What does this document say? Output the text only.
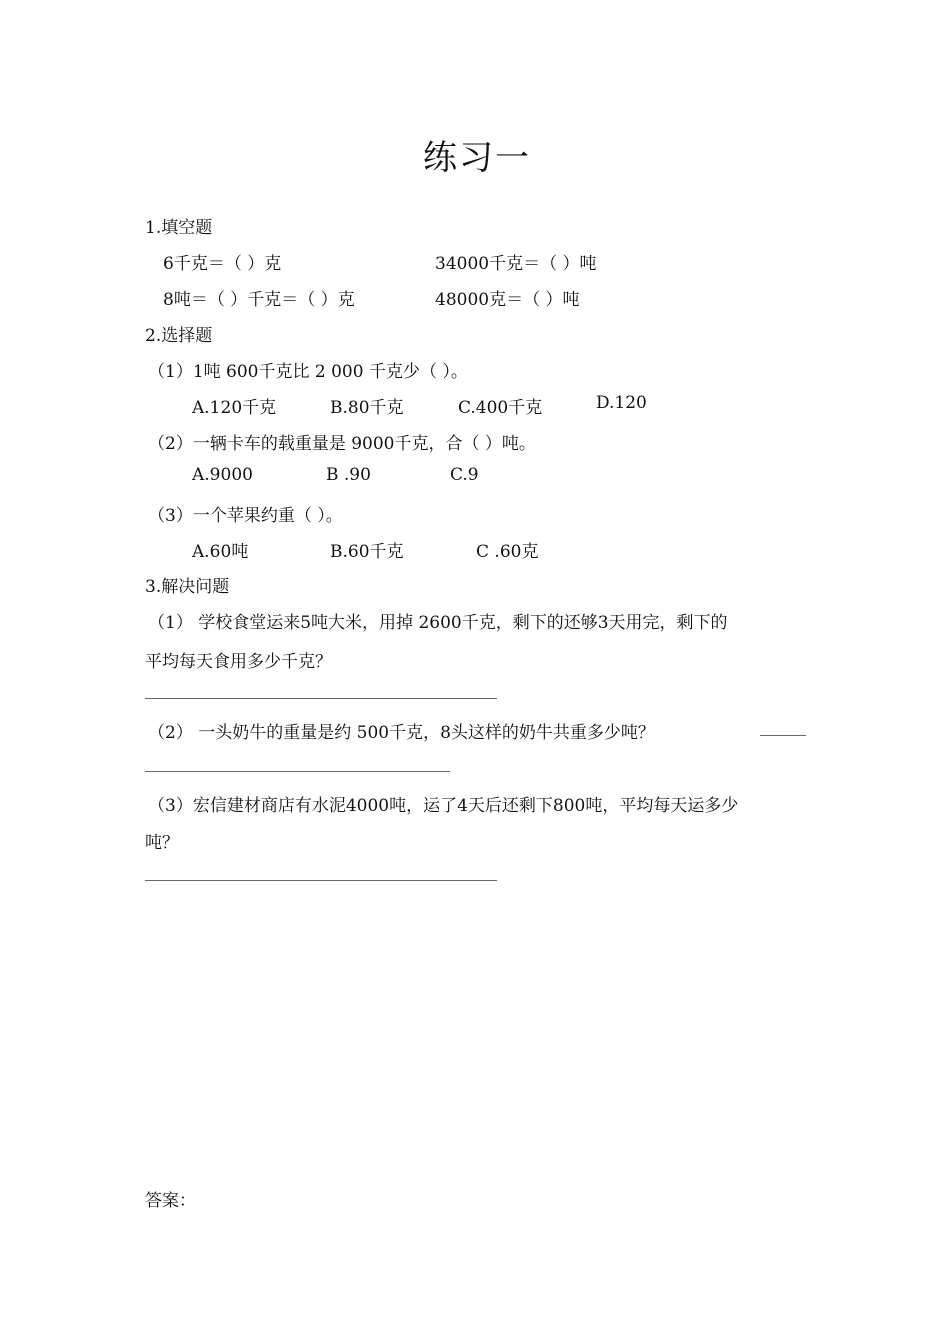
练习一
1.填空题
6千克＝（ ）克	34000千克＝（ ）吨
8吨＝（ ）千克＝（ ）克	48000克＝（ ）吨
2.选择题
（1）1吨 600千克比 2 000 千克少（ ）。
A.120千克	B.80千克	C.400千克	D.120
（2）一辆卡车的载重量是 9000千克，合（ ）吨。
A.9000	B .90	C.9
（3）一个苹果约重（ ）。
A.60吨	B.60千克	C .60克
3.解决问题
（1） 学校食堂运来5吨大米，用掉 2600千克，剩下的还够3天用完，剩下的
平均每天食用多少千克？
（2） 一头奶牛的重量是约 500千克，8头这样的奶牛共重多少吨？
（3）宏信建材商店有水泥4000吨，运了4天后还剩下800吨，平均每天运多少
吨？
答案：
